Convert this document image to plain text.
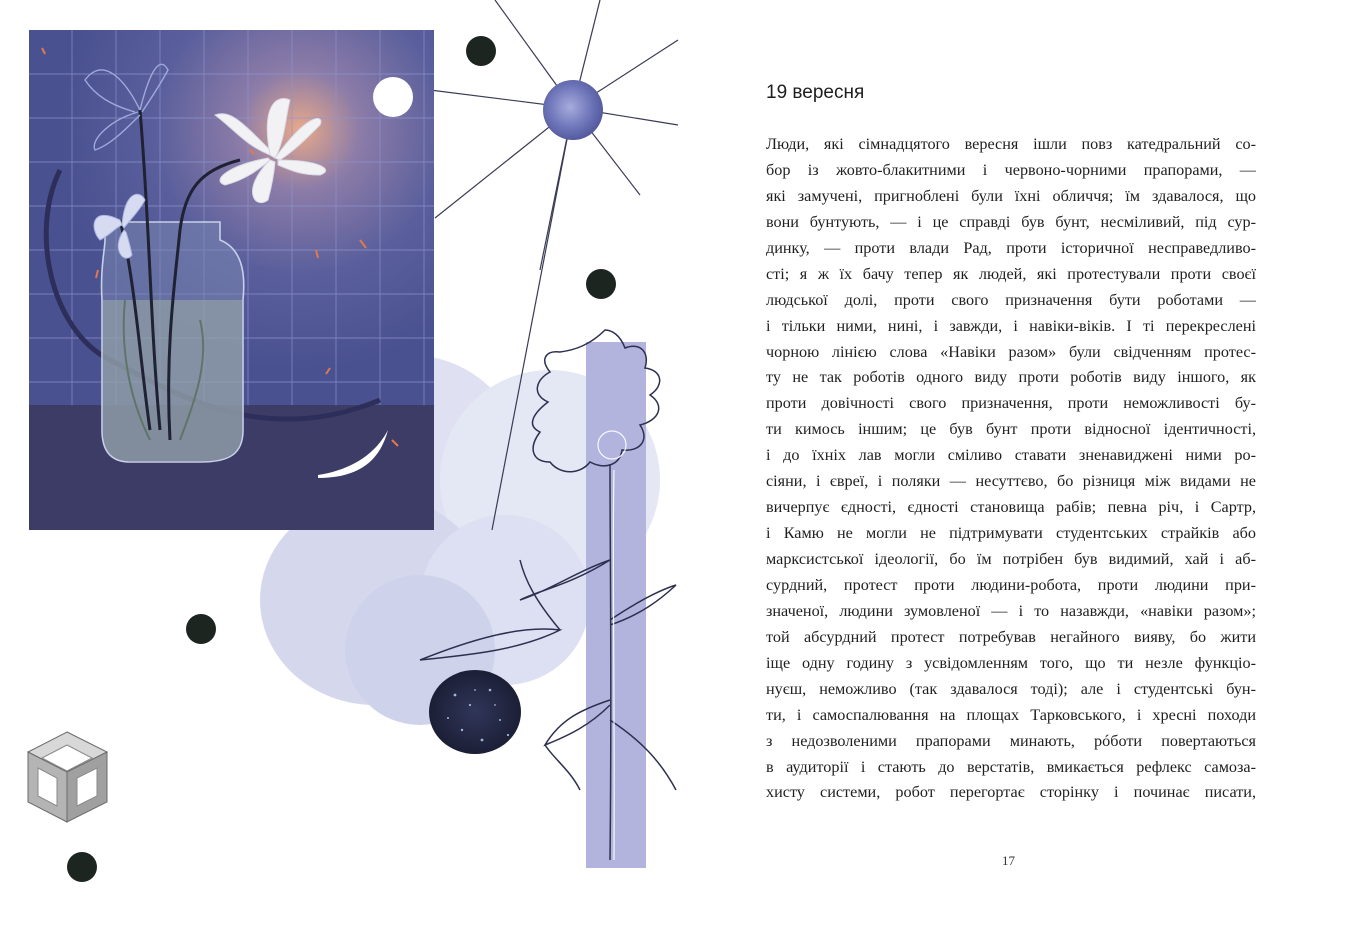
19 вересня
Люди, які сімнадцятого вересня ішли повз катедральний со-
бор із жовто-блакитними і червоно-чорними прапорами, —
які замучені, пригноблені були їхні обличчя; їм здавалося, що
вони бунтують, — і це справді був бунт, несміливий, під сур-
динку, — проти влади Рад, проти історичної несправедливо-
сті; я ж їх бачу тепер як людей, які протестували проти своєї
людської долі, проти свого призначення бути роботами —
і тільки ними, нині, і завжди, і навіки-віків. І ті перекреслені
чорною лінією слова «Навіки разом» були свідченням протес-
ту не так роботів одного виду проти роботів виду іншого, як
проти довічності свого призначення, проти неможливості бу-
ти кимось іншим; це був бунт проти відносної ідентичності,
і до їхніх лав могли сміливо ставати зненавиджені ними ро-
сіяни, і євреї, і поляки — несуттєво, бо різниця між видами не
вичерпує єдності, єдності становища рабів; певна річ, і Сартр,
і Камю не могли не підтримувати студентських страйків або
марксистської ідеології, бо їм потрібен був видимий, хай і аб-
сурдний, протест проти людини-робота, проти людини при-
значеної, людини зумовленої — і то назавжди, «навіки разом»;
той абсурдний протест потребував негайного вияву, бо жити
іще одну годину з усвідомленням того, що ти незле функціо-
нуєш, неможливо (так здавалося тоді); але і студентські бун-
ти, і самоспалювання на площах Тарковського, і хресні походи
з недозволеними прапорами минають, рóботи повертаються
в аудиторії і стають до верстатів, вмикається рефлекс самоза-
хисту системи, робот перегортає сторінку і починає писати,
17
